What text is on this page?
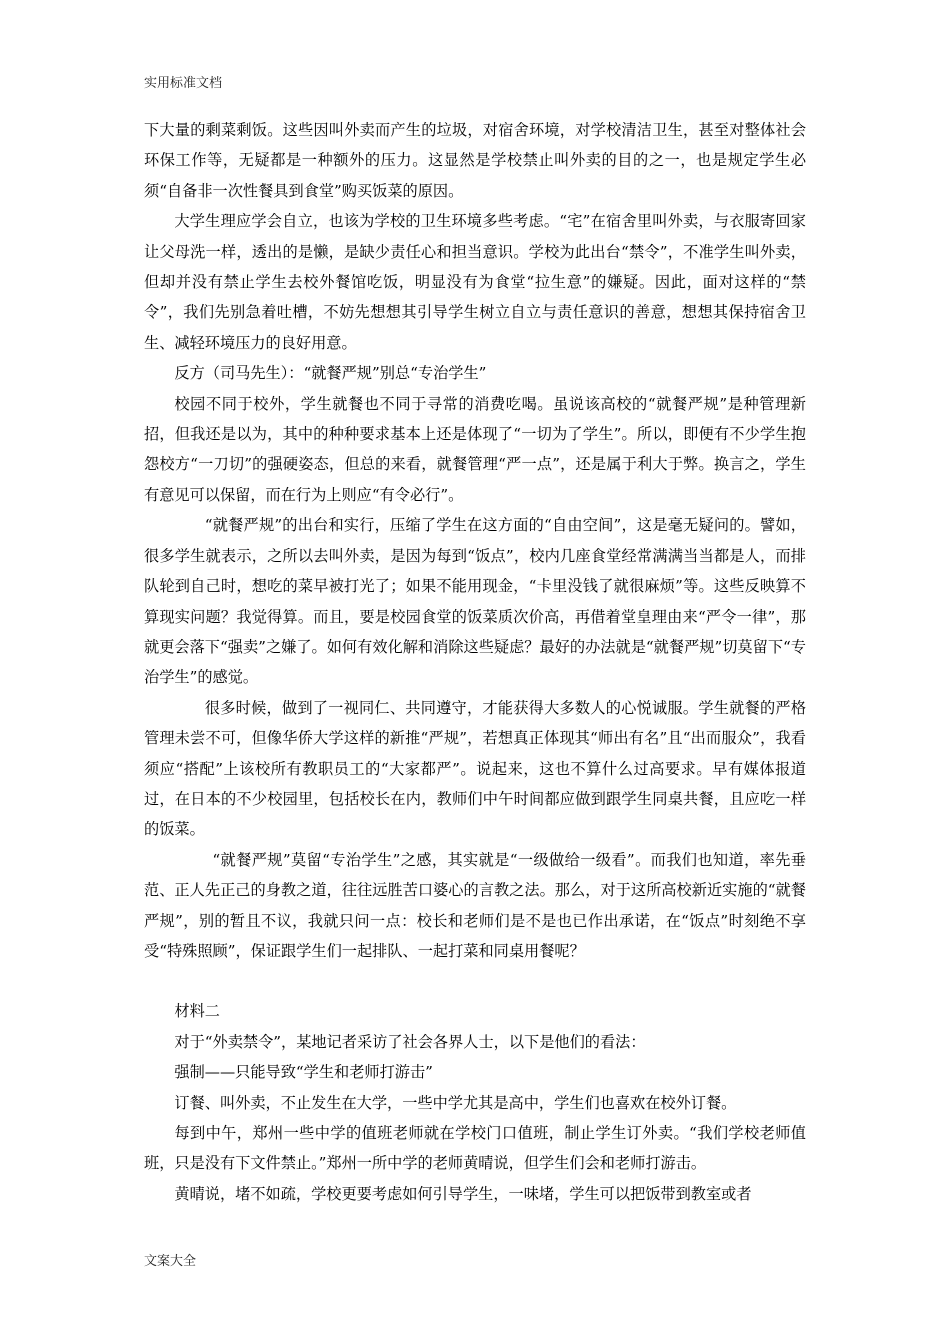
实用标准文档

下大量的剩菜剩饭。这些因叫外卖而产生的垃圾，对宿舍环境，对学校清洁卫生，甚至对整体社会环保工作等，无疑都是一种额外的压力。这显然是学校禁止叫外卖的目的之一，也是规定学生必须“自备非一次性餐具到食堂”购买饭菜的原因。

大学生理应学会自立，也该为学校的卫生环境多些考虑。“宅”在宿舍里叫外卖，与衣服寄回家让父母洗一样，透出的是懒，是缺少责任心和担当意识。学校为此出台“禁令”，不准学生叫外卖，但却并没有禁止学生去校外餐馆吃饭，明显没有为食堂“拉生意”的嫌疑。因此，面对这样的“禁令”，我们先别急着吐槽，不妨先想想其引导学生树立自立与责任意识的善意，想想其保持宿舍卫生、减轻环境压力的良好用意。

反方（司马先生）：“就餐严规”别总“专治学生”

校园不同于校外，学生就餐也不同于寻常的消费吃喝。虽说该高校的“就餐严规”是种管理新招，但我还是以为，其中的种种要求基本上还是体现了“一切为了学生”。所以，即便有不少学生抱怨校方“一刀切”的强硬姿态，但总的来看，就餐管理“严一点”，还是属于利大于弊。换言之，学生有意见可以保留，而在行为上则应“有令必行”。

“就餐严规”的出台和实行，压缩了学生在这方面的“自由空间”，这是毫无疑问的。譬如，很多学生就表示，之所以去叫外卖，是因为每到“饭点”，校内几座食堂经常满满当当都是人，而排队轮到自己时，想吃的菜早被打光了；如果不能用现金，“卡里没钱了就很麻烦”等。这些反映算不算现实问题？我觉得算。而且，要是校园食堂的饭菜质次价高，再借着堂皇理由来“严令一律”，那就更会落下“强卖”之嫌了。如何有效化解和消除这些疑虑？最好的办法就是“就餐严规”切莫留下“专治学生”的感觉。

很多时候，做到了一视同仁、共同遵守，才能获得大多数人的心悦诚服。学生就餐的严格管理未尝不可，但像华侨大学这样的新推“严规”，若想真正体现其“师出有名”且“出而服众”，我看须应“搭配”上该校所有教职员工的“大家都严”。说起来，这也不算什么过高要求。早有媒体报道过，在日本的不少校园里，包括校长在内，教师们中午时间都应做到跟学生同桌共餐，且应吃一样的饭菜。

“就餐严规”莫留“专治学生”之感，其实就是“一级做给一级看”。而我们也知道，率先垂范、正人先正己的身教之道，往往远胜苦口婆心的言教之法。那么，对于这所高校新近实施的“就餐严规”，别的暂且不议，我就只问一点：校长和老师们是不是也已作出承诺，在“饭点”时刻绝不享受“特殊照顾”，保证跟学生们一起排队、一起打菜和同桌用餐呢？

材料二

对于“外卖禁令”，某地记者采访了社会各界人士，以下是他们的看法：

强制——只能导致“学生和老师打游击”

订餐、叫外卖，不止发生在大学，一些中学尤其是高中，学生们也喜欢在校外订餐。

每到中午，郑州一些中学的值班老师就在学校门口值班，制止学生订外卖。“我们学校老师值班，只是没有下文件禁止。”郑州一所中学的老师黄晴说，但学生们会和老师打游击。

黄晴说，堵不如疏，学校更要考虑如何引导学生，一味堵，学生可以把饭带到教室或者

文案大全
